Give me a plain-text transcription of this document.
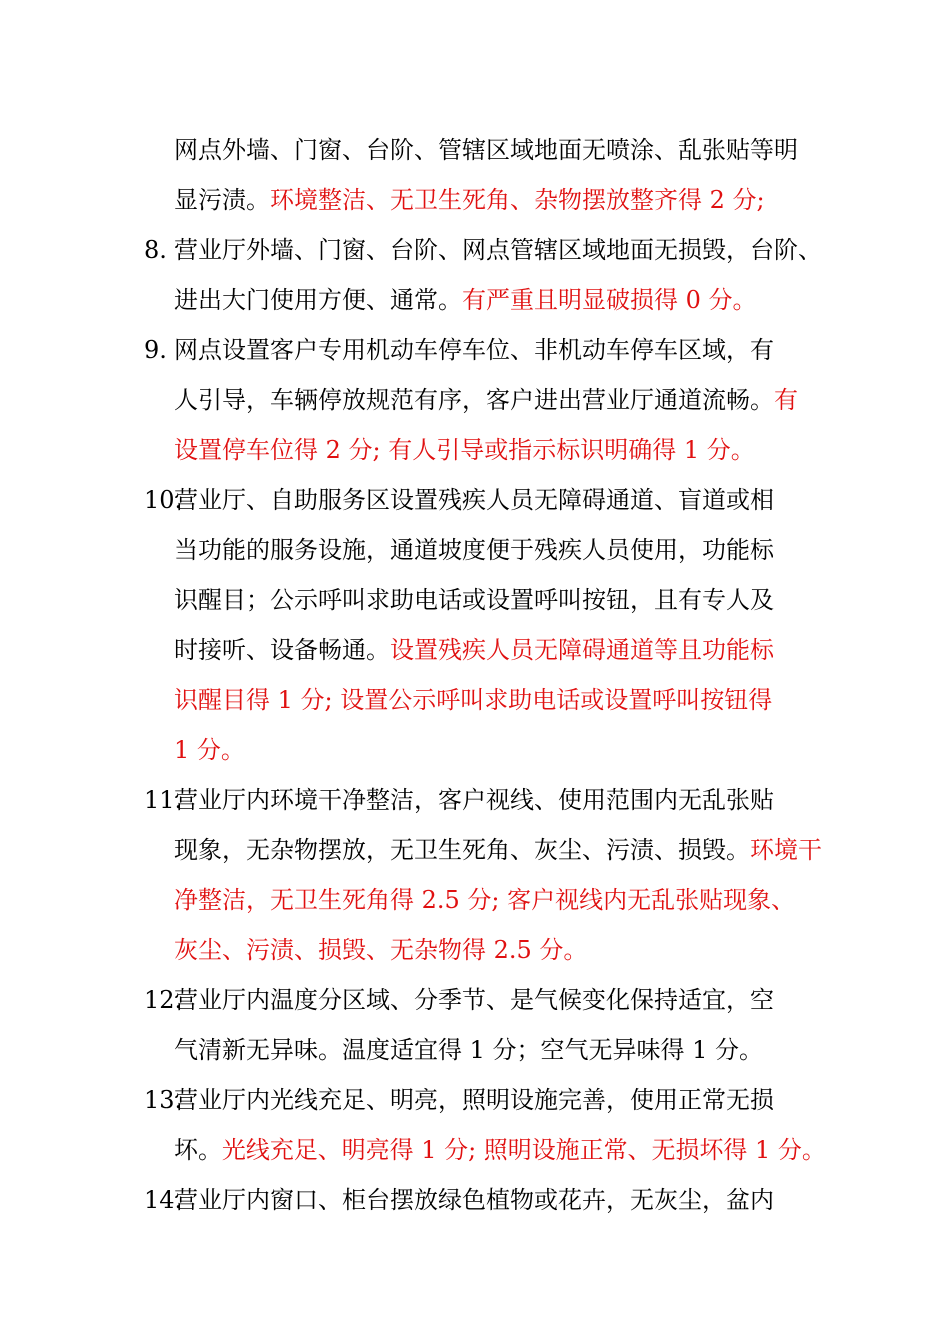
网点外墙、门窗、台阶、管辖区域地面无喷涂、乱张贴等明
显污渍。环境整洁、无卫生死角、杂物摆放整齐得 2 分;
8. 营业厅外墙、门窗、台阶、网点管辖区域地面无损毁，台阶、
进出大门使用方便、通常。有严重且明显破损得 0 分。
9. 网点设置客户专用机动车停车位、非机动车停车区域，有
人引导，车辆停放规范有序，客户进出营业厅通道流畅。有
设置停车位得 2 分; 有人引导或指示标识明确得 1 分。
10.
营业厅、自助服务区设置残疾人员无障碍通道、盲道或相
当功能的服务设施，通道坡度便于残疾人员使用，功能标
识醒目；公示呼叫求助电话或设置呼叫按钮，且有专人及
时接听、设备畅通。设置残疾人员无障碍通道等且功能标
识醒目得 1 分; 设置公示呼叫求助电话或设置呼叫按钮得
1 分。
11.
营业厅内环境干净整洁，客户视线、使用范围内无乱张贴
现象，无杂物摆放，无卫生死角、灰尘、污渍、损毁。环境干
净整洁，无卫生死角得 2.5 分; 客户视线内无乱张贴现象、
灰尘、污渍、损毁、无杂物得 2.5 分。
12.
营业厅内温度分区域、分季节、是气候变化保持适宜，空
气清新无异味。温度适宜得 1 分；空气无异味得 1 分。
13.
营业厅内光线充足、明亮，照明设施完善，使用正常无损
坏。光线充足、明亮得 1 分; 照明设施正常、无损坏得 1 分。
14.
营业厅内窗口、柜台摆放绿色植物或花卉，无灰尘，盆内
